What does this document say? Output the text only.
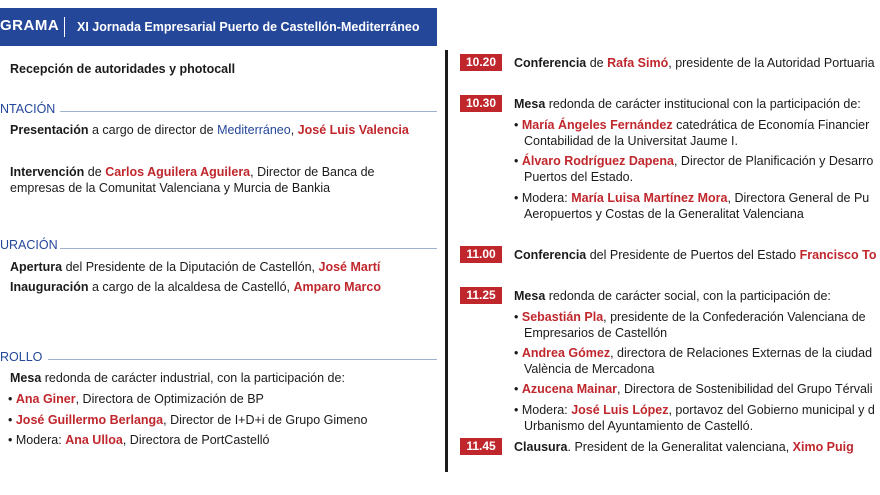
GRAMA XI Jornada Empresarial Puerto de Castellón-Mediterráneo
Recepción de autoridades y photocall
NTACIÓN
Presentación a cargo de director de Mediterráneo, José Luis Valencia
Intervención de Carlos Aguilera Aguilera, Director de Banca de
empresas de la Comunitat Valenciana y Murcia de Bankia
URACIÓN
Apertura del Presidente de la Diputación de Castellón, José Martí
Inauguración a cargo de la alcaldesa de Castelló, Amparo Marco
ROLLO
Mesa redonda de carácter industrial, con la participación de:
• Ana Giner, Directora de Optimización de BP
• José Guillermo Berlanga, Director de I+D+i de Grupo Gimeno
• Modera: Ana Ulloa, Directora de PortCastelló
10.20	Conferencia de Rafa Simó, presidente de la Autoridad Portuaria
10.30	Mesa redonda de carácter institucional con la participación de:
• María Ángeles Fernández catedrática de Economía Financier
Contabilidad de la Universitat Jaume I.
• Álvaro Rodríguez Dapena, Director de Planificación y Desarro
Puertos del Estado.
• Modera: María Luisa Martínez Mora, Directora General de Pu
Aeropuertos y Costas de la Generalitat Valenciana
11.00	Conferencia del Presidente de Puertos del Estado Francisco To
11.25	Mesa redonda de carácter social, con la participación de:
• Sebastián Pla, presidente de la Confederación Valenciana de
Empresarios de Castellón
• Andrea Gómez, directora de Relaciones Externas de la ciudad
València de Mercadona
• Azucena Mainar, Directora de Sostenibilidad del Grupo Térvali
• Modera: José Luis López, portavoz del Gobierno municipal y d
Urbanismo del Ayuntamiento de Castelló.
11.45	Clausura. President de la Generalitat valenciana, Ximo Puig
